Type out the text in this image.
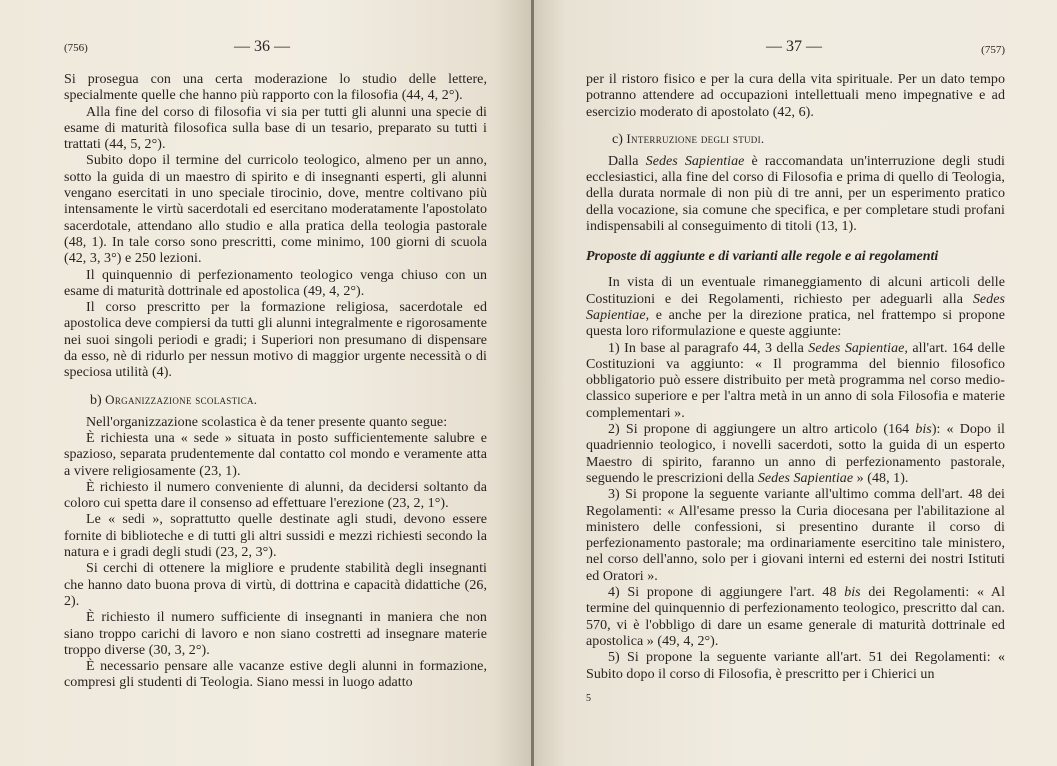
(756)	— 36 —

Si prosegua con una certa moderazione lo studio delle lettere, specialmente quelle che hanno più rapporto con la filosofia (44, 4, 2°).

Alla fine del corso di filosofia vi sia per tutti gli alunni una specie di esame di maturità filosofica sulla base di un tesario, preparato su tutti i trattati (44, 5, 2°).

Subito dopo il termine del curricolo teologico, almeno per un anno, sotto la guida di un maestro di spirito e di insegnanti esperti, gli alunni vengano esercitati in uno speciale tirocinio, dove, mentre coltivano più intensamente le virtù sacerdotali ed esercitano moderatamente l'apostolato sacerdotale, attendano allo studio e alla pratica della teologia pastorale (48, 1). In tale corso sono prescritti, come minimo, 100 giorni di scuola (42, 3, 3°) e 250 lezioni.

Il quinquennio di perfezionamento teologico venga chiuso con un esame di maturità dottrinale ed apostolica (49, 4, 2°).

Il corso prescritto per la formazione religiosa, sacerdotale ed apostolica deve compiersi da tutti gli alunni integralmente e rigorosamente nei suoi singoli periodi e gradi; i Superiori non presumano di dispensare da esso, nè di ridurlo per nessun motivo di maggior urgente necessità o di speciosa utilità (4).

b) Organizzazione scolastica.

Nell'organizzazione scolastica è da tener presente quanto segue:

È richiesta una « sede » situata in posto sufficientemente salubre e spazioso, separata prudentemente dal contatto col mondo e veramente atta a vivere religiosamente (23, 1).

È richiesto il numero conveniente di alunni, da decidersi soltanto da coloro cui spetta dare il consenso ad effettuare l'erezione (23, 2, 1°).

Le « sedi », soprattutto quelle destinate agli studi, devono essere fornite di biblioteche e di tutti gli altri sussidi e mezzi richiesti secondo la natura e i gradi degli studi (23, 2, 3°).

Si cerchi di ottenere la migliore e prudente stabilità degli insegnanti che hanno dato buona prova di virtù, di dottrina e capacità didattiche (26, 2).

È richiesto il numero sufficiente di insegnanti in maniera che non siano troppo carichi di lavoro e non siano costretti ad insegnare materie troppo diverse (30, 3, 2°).

È necessario pensare alle vacanze estive degli alunni in formazione, compresi gli studenti di Teologia. Siano messi in luogo adatto

— 37 —	(757)

per il ristoro fisico e per la cura della vita spirituale. Per un dato tempo potranno attendere ad occupazioni intellettuali meno impegnative e ad esercizio moderato di apostolato (42, 6).

c) Interruzione degli studi.

Dalla Sedes Sapientiae è raccomandata un'interruzione degli studi ecclesiastici, alla fine del corso di Filosofia e prima di quello di Teologia, della durata normale di non più di tre anni, per un esperimento pratico della vocazione, sia comune che specifica, e per completare studi profani indispensabili al conseguimento di titoli (13, 1).

Proposte di aggiunte e di varianti alle regole e ai regolamenti

In vista di un eventuale rimaneggiamento di alcuni articoli delle Costituzioni e dei Regolamenti, richiesto per adeguarli alla Sedes Sapientiae, e anche per la direzione pratica, nel frattempo si propone questa loro riformulazione e queste aggiunte:

1) In base al paragrafo 44, 3 della Sedes Sapientiae, all'art. 164 delle Costituzioni va aggiunto: « Il programma del biennio filosofico obbligatorio può essere distribuito per metà programma nel corso medio-classico superiore e per l'altra metà in un anno di sola Filosofia e materie complementari ».

2) Si propone di aggiungere un altro articolo (164 bis): « Dopo il quadriennio teologico, i novelli sacerdoti, sotto la guida di un esperto Maestro di spirito, faranno un anno di perfezionamento pastorale, seguendo le prescrizioni della Sedes Sapientiae » (48, 1).

3) Si propone la seguente variante all'ultimo comma dell'art. 48 dei Regolamenti: « All'esame presso la Curia diocesana per l'abilitazione al ministero delle confessioni, si presentino durante il corso di perfezionamento pastorale; ma ordinariamente esercitino tale ministero, nel corso dell'anno, solo per i giovani interni ed esterni dei nostri Istituti ed Oratori ».

4) Si propone di aggiungere l'art. 48 bis dei Regolamenti: « Al termine del quinquennio di perfezionamento teologico, prescritto dal can. 570, vi è l'obbligo di dare un esame generale di maturità dottrinale ed apostolica » (49, 4, 2°).

5) Si propone la seguente variante all'art. 51 dei Regolamenti: « Subito dopo il corso di Filosofia, è prescritto per i Chierici un

5
